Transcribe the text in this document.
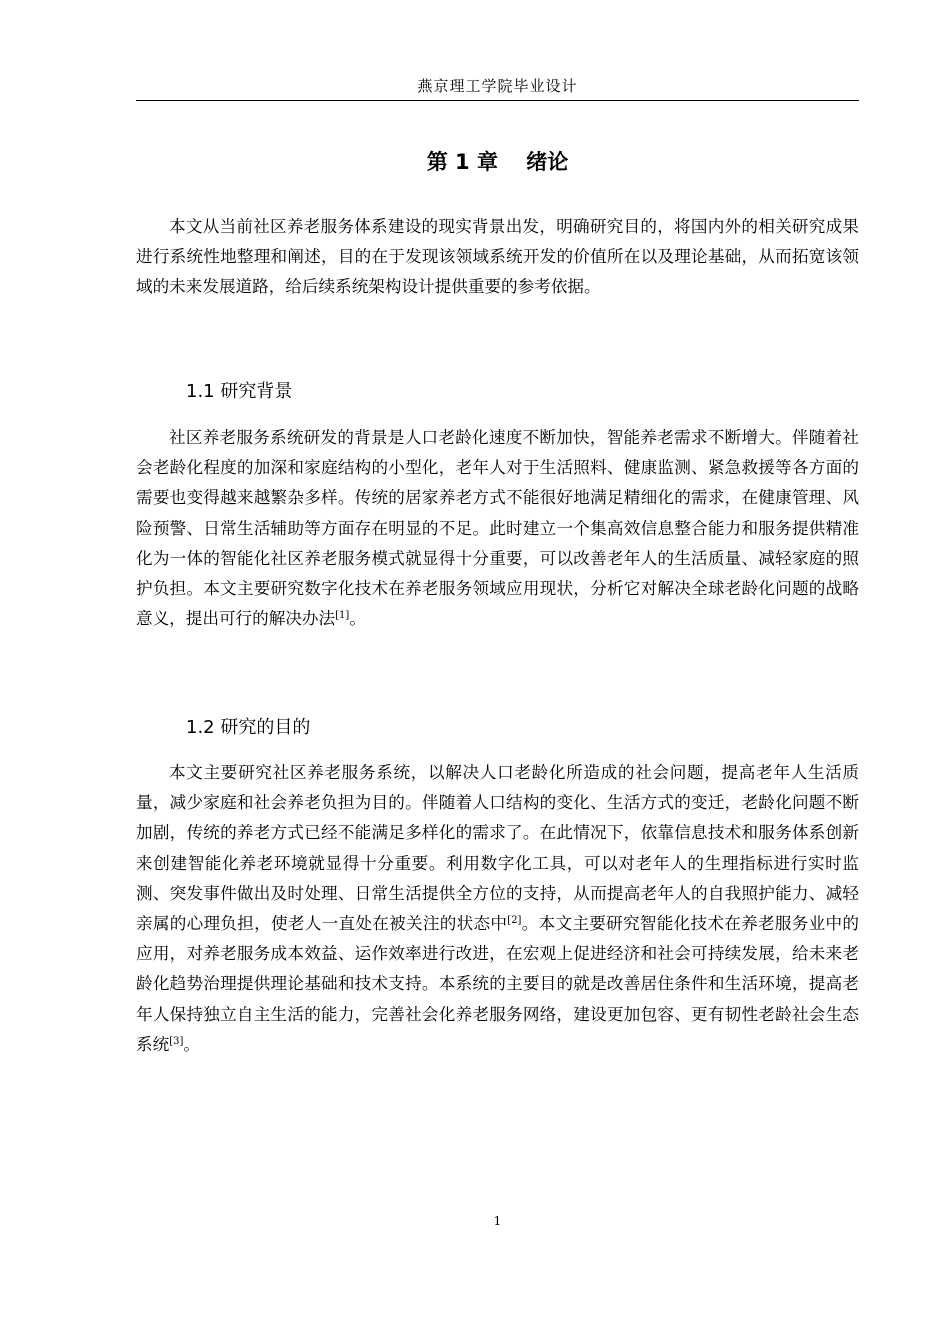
燕京理工学院毕业设计
第 1 章　 绪论

本文从当前社区养老服务体系建设的现实背景出发，明确研究目的，将国内外的相关研究成果进行系统性地整理和阐述，目的在于发现该领域系统开发的价值所在以及理论基础，从而拓宽该领域的未来发展道路，给后续系统架构设计提供重要的参考依据。

1.1 研究背景

社区养老服务系统研发的背景是人口老龄化速度不断加快，智能养老需求不断增大。伴随着社会老龄化程度的加深和家庭结构的小型化，老年人对于生活照料、健康监测、紧急救援等各方面的需要也变得越来越繁杂多样。传统的居家养老方式不能很好地满足精细化的需求，在健康管理、风险预警、日常生活辅助等方面存在明显的不足。此时建立一个集高效信息整合能力和服务提供精准化为一体的智能化社区养老服务模式就显得十分重要，可以改善老年人的生活质量、减轻家庭的照护负担。本文主要研究数字化技术在养老服务领域应用现状，分析它对解决全球老龄化问题的战略意义，提出可行的解决办法[1]。

1.2 研究的目的

本文主要研究社区养老服务系统，以解决人口老龄化所造成的社会问题，提高老年人生活质量，减少家庭和社会养老负担为目的。伴随着人口结构的变化、生活方式的变迁，老龄化问题不断加剧，传统的养老方式已经不能满足多样化的需求了。在此情况下，依靠信息技术和服务体系创新来创建智能化养老环境就显得十分重要。利用数字化工具，可以对老年人的生理指标进行实时监测、突发事件做出及时处理、日常生活提供全方位的支持，从而提高老年人的自我照护能力、减轻亲属的心理负担，使老人一直处在被关注的状态中[2]。本文主要研究智能化技术在养老服务业中的应用，对养老服务成本效益、运作效率进行改进，在宏观上促进经济和社会可持续发展，给未来老龄化趋势治理提供理论基础和技术支持。本系统的主要目的就是改善居住条件和生活环境，提高老年人保持独立自主生活的能力，完善社会化养老服务网络，建设更加包容、更有韧性老龄社会生态系统[3]。

1
